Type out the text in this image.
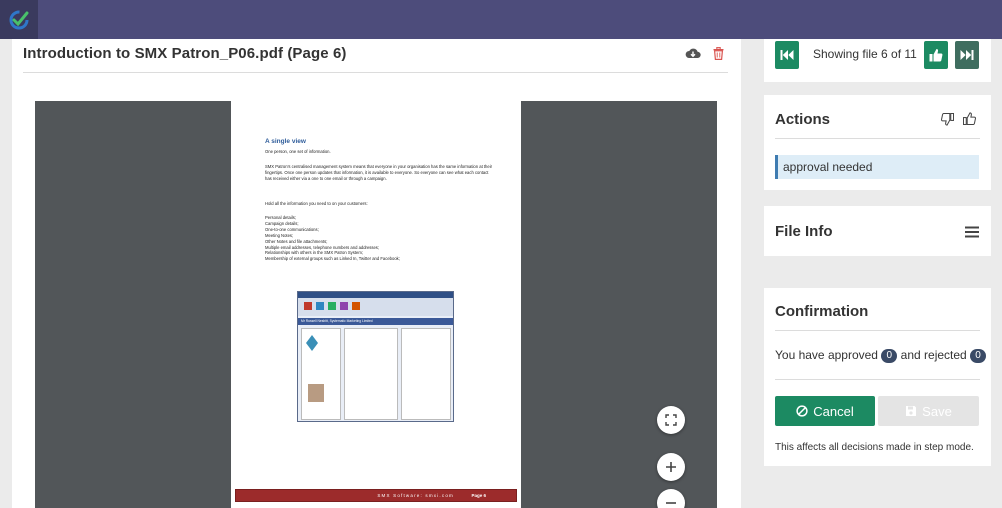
Introduction to SMX Patron_P06.pdf (Page 6)
A single view
One person, one set of information.
SMX Patron's centralised management system means that everyone in your organisation has the same information at their fingertips. Once one person updates that information, it is available to everyone. So everyone can see what each contact has received either via a one to one email or through a campaign.
Hold all the information you need to on your customers:
Personal details;
Campaign details;
One-to-one communications;
Meeting Notes;
Other Notes and file attachments;
Multiple email addresses, telephone numbers and addresses;
Relationships with others in the SMX Patron System;
Membership of external groups such as Linked In, Twitter and Facebook;
Mr Russell Nesbitt, Systematic Marketing Limited
SMX Software: smxi.com	Page 6
Showing file 6 of 11
Actions
approval needed
File Info
Confirmation
You have approved 0 and rejected 0
Cancel	Save
This affects all decisions made in step mode.
